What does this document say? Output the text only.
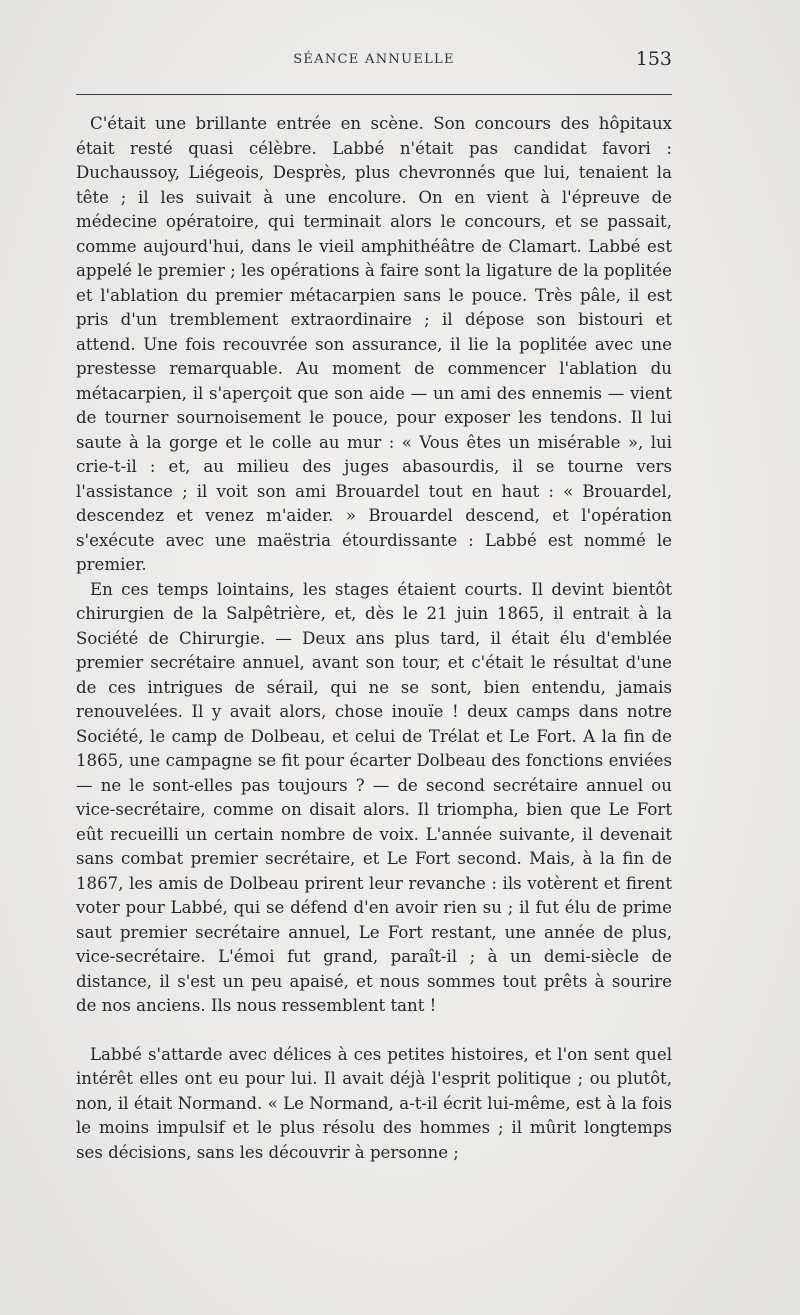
SÉANCE ANNUELLE	153

C'était une brillante entrée en scène. Son concours des hôpitaux était resté quasi célèbre. Labbé n'était pas candidat favori : Duchaussoy, Liégeois, Desprès, plus chevronnés que lui, tenaient la tête ; il les suivait à une encolure. On en vient à l'épreuve de médecine opératoire, qui terminait alors le concours, et se passait, comme aujourd'hui, dans le vieil amphithéâtre de Clamart. Labbé est appelé le premier ; les opérations à faire sont la ligature de la poplitée et l'ablation du premier métacarpien sans le pouce. Très pâle, il est pris d'un tremblement extraordinaire ; il dépose son bistouri et attend. Une fois recouvrée son assurance, il lie la poplitée avec une prestesse remarquable. Au moment de commencer l'ablation du métacarpien, il s'aperçoit que son aide — un ami des ennemis — vient de tourner sournoisement le pouce, pour exposer les tendons. Il lui saute à la gorge et le colle au mur : « Vous êtes un misérable », lui crie-t-il : et, au milieu des juges abasourdis, il se tourne vers l'assistance ; il voit son ami Brouardel tout en haut : « Brouardel, descendez et venez m'aider. » Brouardel descend, et l'opération s'exécute avec une maëstria étourdissante : Labbé est nommé le premier.

En ces temps lointains, les stages étaient courts. Il devint bientôt chirurgien de la Salpêtrière, et, dès le 21 juin 1865, il entrait à la Société de Chirurgie. — Deux ans plus tard, il était élu d'emblée premier secrétaire annuel, avant son tour, et c'était le résultat d'une de ces intrigues de sérail, qui ne se sont, bien entendu, jamais renouvelées. Il y avait alors, chose inouïe ! deux camps dans notre Société, le camp de Dolbeau, et celui de Trélat et Le Fort. A la fin de 1865, une campagne se fit pour écarter Dolbeau des fonctions enviées — ne le sont-elles pas toujours ? — de second secrétaire annuel ou vice-secrétaire, comme on disait alors. Il triompha, bien que Le Fort eût recueilli un certain nombre de voix. L'année suivante, il devenait sans combat premier secrétaire, et Le Fort second. Mais, à la fin de 1867, les amis de Dolbeau prirent leur revanche : ils votèrent et firent voter pour Labbé, qui se défend d'en avoir rien su ; il fut élu de prime saut premier secrétaire annuel, Le Fort restant, une année de plus, vice-secrétaire. L'émoi fut grand, paraît-il ; à un demi-siècle de distance, il s'est un peu apaisé, et nous sommes tout prêts à sourire de nos anciens. Ils nous ressemblent tant !

Labbé s'attarde avec délices à ces petites histoires, et l'on sent quel intérêt elles ont eu pour lui. Il avait déjà l'esprit politique ; ou plutôt, non, il était Normand. « Le Normand, a-t-il écrit lui-même, est à la fois le moins impulsif et le plus résolu des hommes ; il mûrit longtemps ses décisions, sans les découvrir à personne ;
